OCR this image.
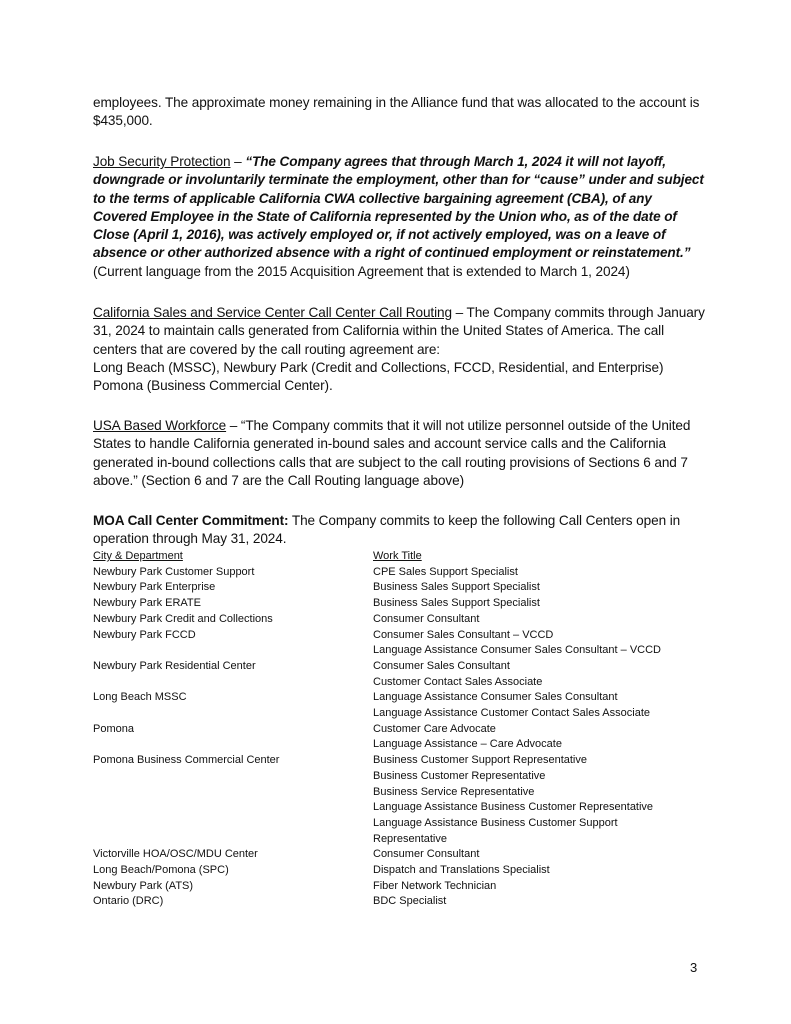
employees. The approximate money remaining in the Alliance fund that was allocated to the account is $435,000.

Job Security Protection – “The Company agrees that through March 1, 2024 it will not layoff, downgrade or involuntarily terminate the employment, other than for “cause” under and subject to the terms of applicable California CWA collective bargaining agreement (CBA), of any Covered Employee in the State of California represented by the Union who, as of the date of Close (April 1, 2016), was actively employed or, if not actively employed, was on a leave of absence or other authorized absence with a right of continued employment or reinstatement.”

(Current language from the 2015 Acquisition Agreement that is extended to March 1, 2024)

California Sales and Service Center Call Center Call Routing – The Company commits through January 31, 2024 to maintain calls generated from California within the United States of America. The call centers that are covered by the call routing agreement are:

Long Beach (MSSC), Newbury Park (Credit and Collections, FCCD, Residential, and Enterprise)

Pomona (Business Commercial Center).

USA Based Workforce – “The Company commits that it will not utilize personnel outside of the United States to handle California generated in-bound sales and account service calls and the California generated in-bound collections calls that are subject to the call routing provisions of Sections 6 and 7 above.” (Section 6 and 7 are the Call Routing language above)

MOA Call Center Commitment: The Company commits to keep the following Call Centers open in operation through May 31, 2024.

City & Department	Work Title
Newbury Park Customer Support	CPE Sales Support Specialist
Newbury Park Enterprise	Business Sales Support Specialist
Newbury Park ERATE	Business Sales Support Specialist
Newbury Park Credit and Collections	Consumer Consultant
Newbury Park FCCD	Consumer Sales Consultant – VCCD
Language Assistance Consumer Sales Consultant – VCCD
Newbury Park Residential Center	Consumer Sales Consultant
Customer Contact Sales Associate
Long Beach MSSC	Language Assistance Consumer Sales Consultant
Language Assistance Customer Contact Sales Associate
Pomona	Customer Care Advocate
Language Assistance – Care Advocate
Pomona Business Commercial Center	Business Customer Support Representative
Business Customer Representative
Business Service Representative
Language Assistance Business Customer Representative
Language Assistance Business Customer Support
Representative
Victorville HOA/OSC/MDU Center	Consumer Consultant
Long Beach/Pomona (SPC)	Dispatch and Translations Specialist
Newbury Park (ATS)	Fiber Network Technician
Ontario (DRC)	BDC Specialist
3
